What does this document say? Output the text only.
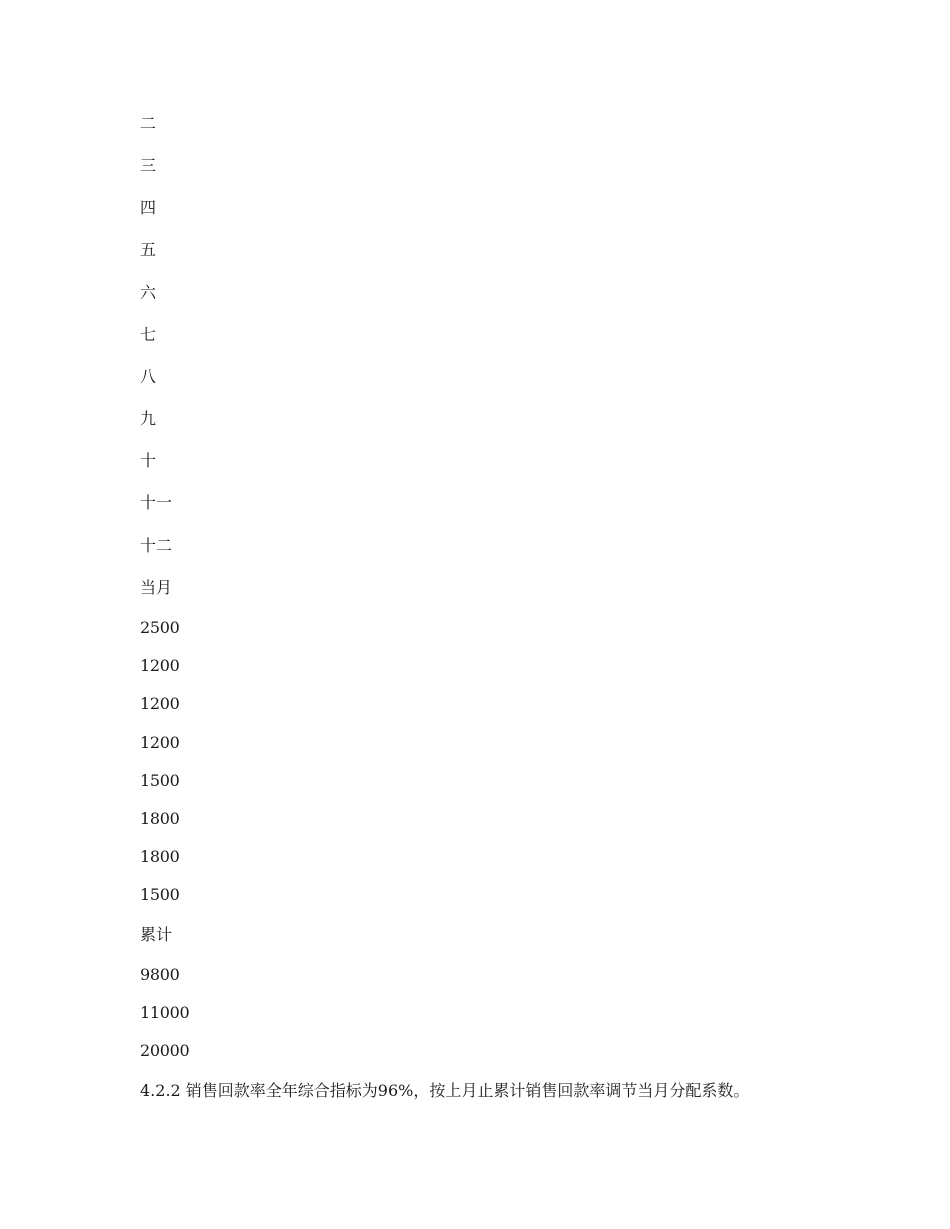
二
三
四
五
六
七
八
九
十
十一
十二
当月
2500
1200
1200
1200
1500
1800
1800
1500
累计
9800
11000
20000
4.2.2 销售回款率全年综合指标为96%，按上月止累计销售回款率调节当月分配系数。
